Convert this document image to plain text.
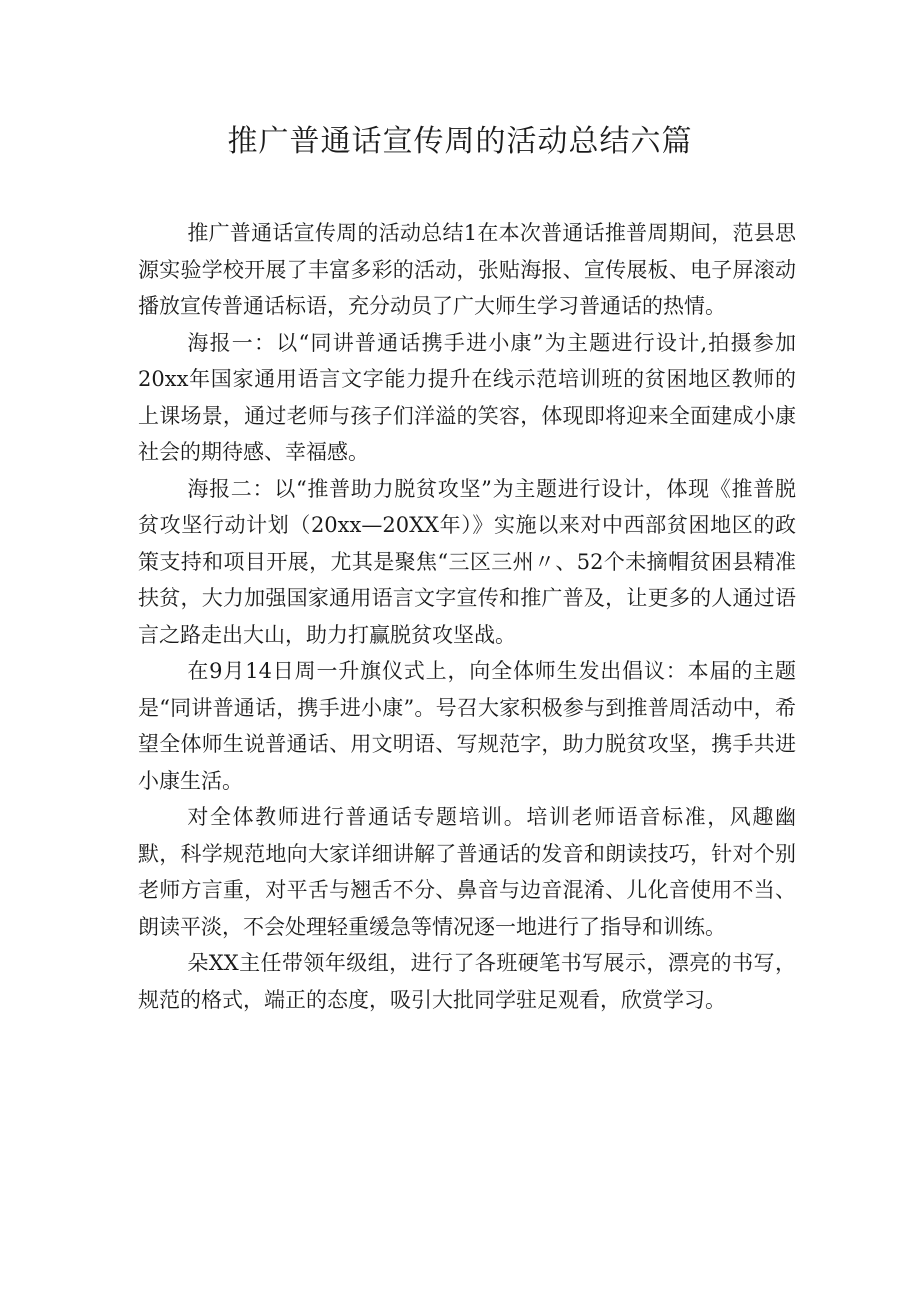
推广普通话宣传周的活动总结六篇

推广普通话宣传周的活动总结1在本次普通话推普周期间，范县思源实验学校开展了丰富多彩的活动，张贴海报、宣传展板、电子屏滚动播放宣传普通话标语，充分动员了广大师生学习普通话的热情。

海报一：以“同讲普通话携手进小康”为主题进行设计,拍摄参加20xx年国家通用语言文字能力提升在线示范培训班的贫困地区教师的上课场景，通过老师与孩子们洋溢的笑容，体现即将迎来全面建成小康社会的期待感、幸福感。

海报二：以“推普助力脱贫攻坚”为主题进行设计，体现《推普脱贫攻坚行动计划（20xx—20XX年）》实施以来对中西部贫困地区的政策支持和项目开展，尤其是聚焦“三区三州〃、52个未摘帽贫困县精准扶贫，大力加强国家通用语言文字宣传和推广普及，让更多的人通过语言之路走出大山，助力打赢脱贫攻坚战。

在9月14日周一升旗仪式上，向全体师生发出倡议：本届的主题是“同讲普通话，携手进小康”。号召大家积极参与到推普周活动中，希望全体师生说普通话、用文明语、写规范字，助力脱贫攻坚，携手共进小康生活。

对全体教师进行普通话专题培训。培训老师语音标准，风趣幽默，科学规范地向大家详细讲解了普通话的发音和朗读技巧，针对个别老师方言重，对平舌与翘舌不分、鼻音与边音混淆、儿化音使用不当、朗读平淡，不会处理轻重缓急等情况逐一地进行了指导和训练。

朵XX主任带领年级组，进行了各班硬笔书写展示，漂亮的书写，规范的格式，端正的态度，吸引大批同学驻足观看，欣赏学习。
